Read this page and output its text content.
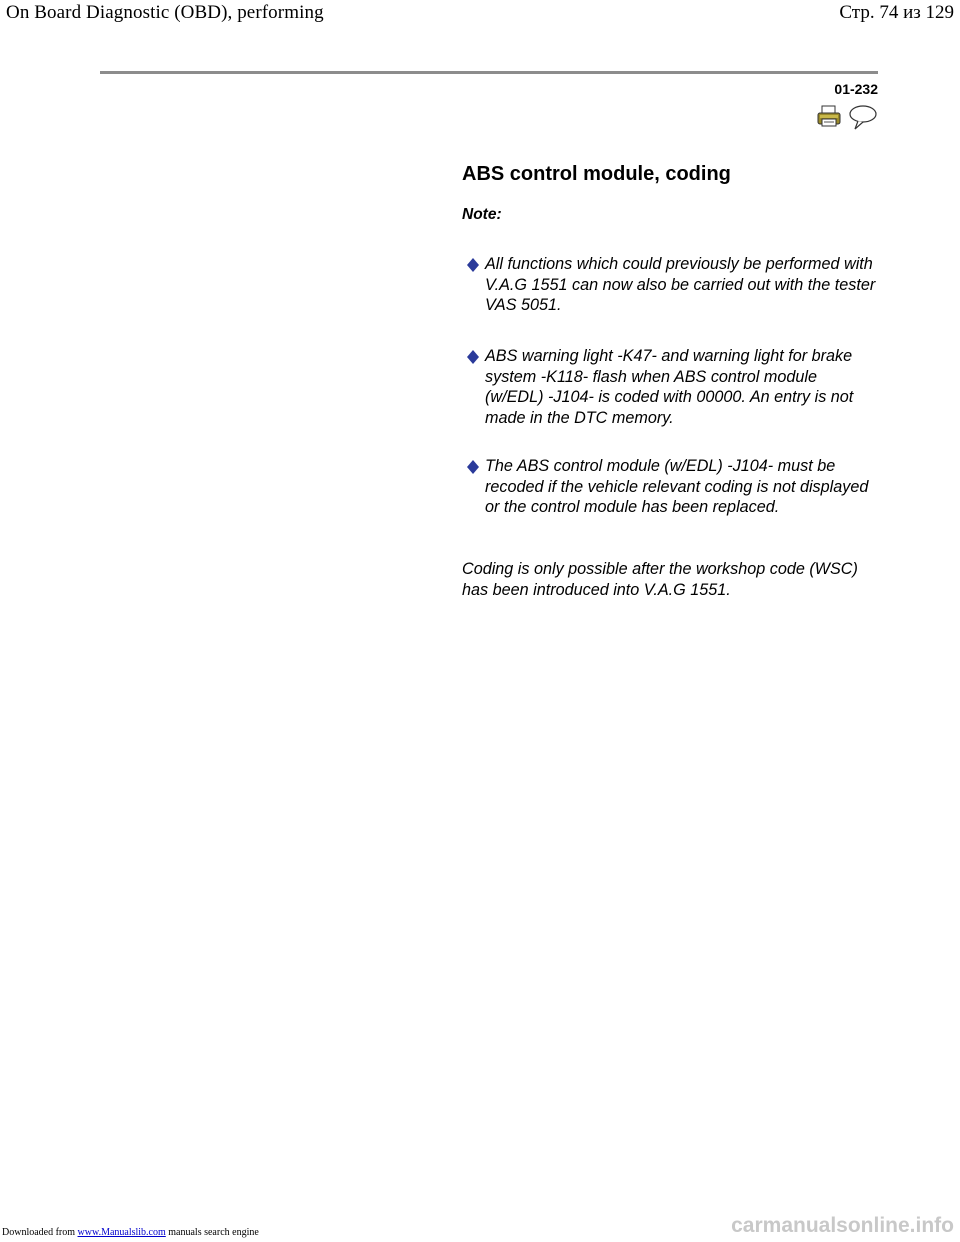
On Board Diagnostic (OBD), performing	Стр. 74 из 129
01-232
ABS control module, coding
Note:
All functions which could previously be performed with V.A.G 1551 can now also be carried out with the tester VAS 5051.
ABS warning light -K47- and warning light for brake system -K118- flash when ABS control module (w/EDL) -J104- is coded with 00000. An entry is not made in the DTC memory.
The ABS control module (w/EDL) -J104- must be recoded if the vehicle relevant coding is not displayed or the control module has been replaced.
Coding is only possible after the workshop code (WSC) has been introduced into V.A.G 1551.
Downloaded from www.Manualslib.com manuals search engine	carmanualsonline.info
